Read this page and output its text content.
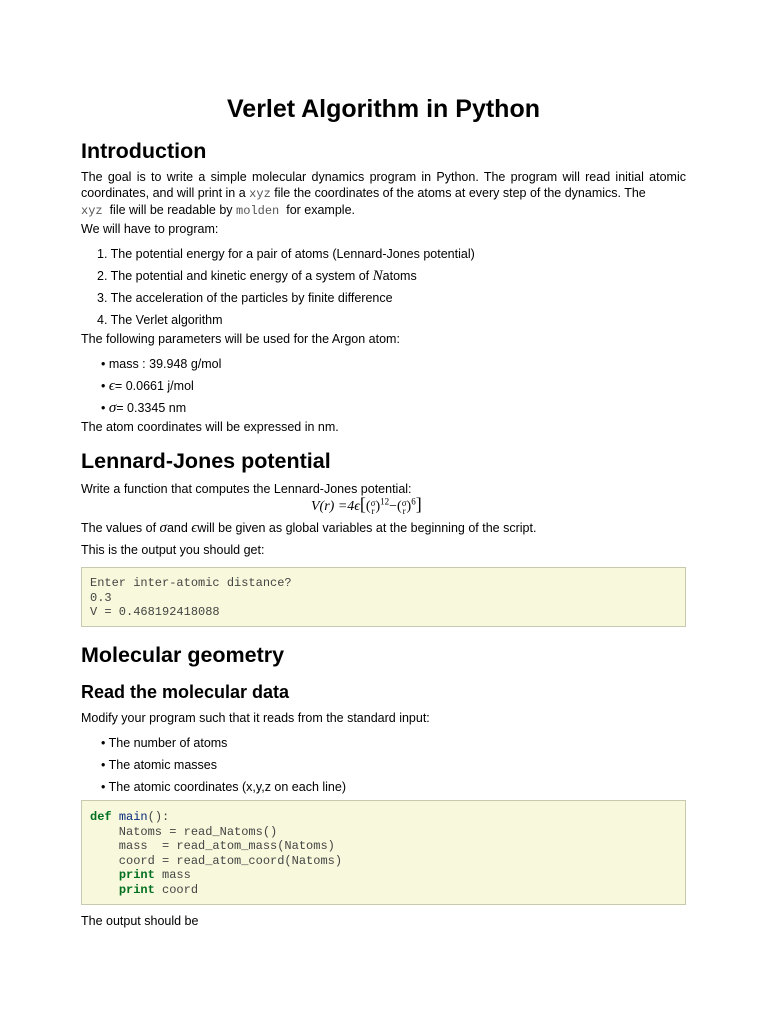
Verlet Algorithm in Python
Introduction

The goal is to write a simple molecular dynamics program in Python. The program will read initial atomic coordinates, and will print in a xyz file the coordinates of the atoms at every step of the dynamics. The
xyz file will be readable by molden for example.

We will have to program:

1. The potential energy for a pair of atoms (Lennard-Jones potential)
2. The potential and kinetic energy of a system of Natoms
3. The acceleration of the particles by finite difference
4. The Verlet algorithm

The following parameters will be used for the Argon atom:

• mass : 39.948 g/mol
• ϵ= 0.0661 j/mol
• σ= 0.3345 nm

The atom coordinates will be expressed in nm.

Lennard-Jones potential

Write a function that computes the Lennard-Jones potential:

V(r) =4ϵ[( σ
r )$^{12}$−( σ
r )$^6$]

The values of σand ϵwill be given as global variables at the beginning of the script.

This is the output you should get:

Enter inter-atomic distance?
0.3
V = 0.468192418088
Molecular geometry
Read the molecular data

Modify your program such that it reads from the standard input:

• The number of atoms
• The atomic masses
• The atomic coordinates (x,y,z on each line)
def main():
Natoms = read_Natoms()
mass  = read_atom_mass(Natoms)
coord = read_atom_coord(Natoms)
print mass
print coord

The output should be
